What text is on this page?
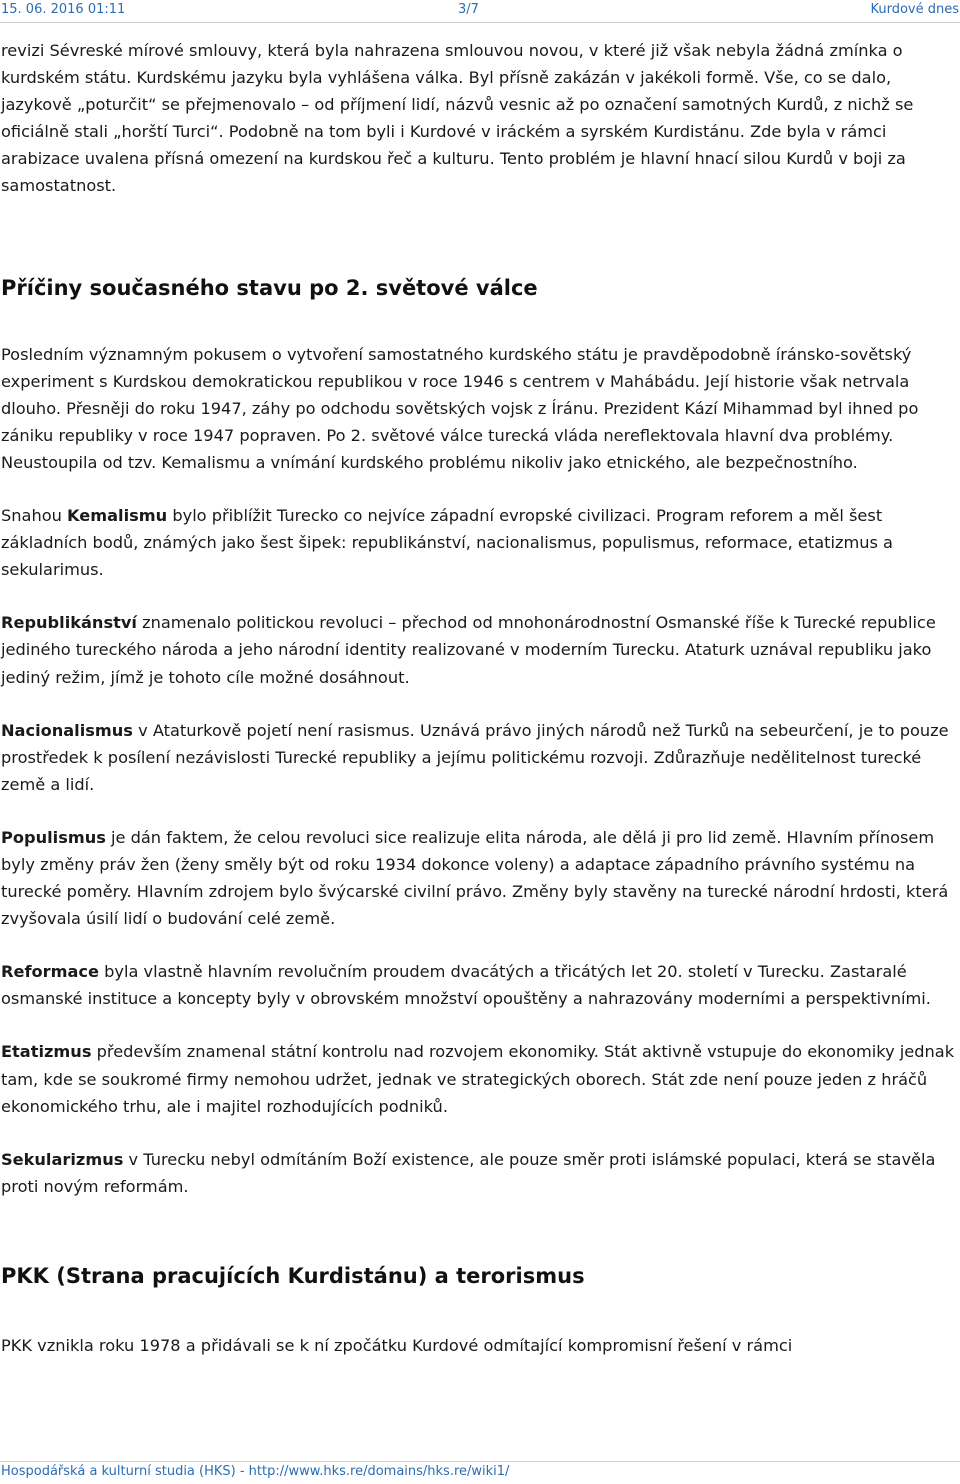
15. 06. 2016 01:11	3/7	Kurdové dnes

revizi Sévreské mírové smlouvy, která byla nahrazena smlouvou novou, v které již však nebyla žádná zmínka o kurdském státu. Kurdskému jazyku byla vyhlášena válka. Byl přísně zakázán v jakékoli formě. Vše, co se dalo, jazykově „poturčit“ se přejmenovalo – od příjmení lidí, názvů vesnic až po označení samotných Kurdů, z nichž se oficiálně stali „horští Turci“. Podobně na tom byli i Kurdové v iráckém a syrském Kurdistánu. Zde byla v rámci arabizace uvalena přísná omezení na kurdskou řeč a kulturu. Tento problém je hlavní hnací silou Kurdů v boji za samostatnost.

Příčiny současného stavu po 2. světové válce

Posledním významným pokusem o vytvoření samostatného kurdského státu je pravděpodobně íránsko-sovětský experiment s Kurdskou demokratickou republikou v roce 1946 s centrem v Mahábádu. Její historie však netrvala dlouho. Přesněji do roku 1947, záhy po odchodu sovětských vojsk z Íránu. Prezident Kází Mihammad byl ihned po zániku republiky v roce 1947 popraven. Po 2. světové válce turecká vláda nereflektovala hlavní dva problémy. Neustoupila od tzv. Kemalismu a vnímání kurdského problému nikoliv jako etnického, ale bezpečnostního.

Snahou Kemalismu bylo přiblížit Turecko co nejvíce západní evropské civilizaci. Program reforem a měl šest základních bodů, známých jako šest šipek: republikánství, nacionalismus, populismus, reformace, etatizmus a sekularimus.

Republikánství znamenalo politickou revoluci – přechod od mnohonárodnostní Osmanské říše k Turecké republice jediného tureckého národa a jeho národní identity realizované v moderním Turecku. Ataturk uznával republiku jako jediný režim, jímž je tohoto cíle možné dosáhnout.

Nacionalismus v Ataturkově pojetí není rasismus. Uznává právo jiných národů než Turků na sebeurčení, je to pouze prostředek k posílení nezávislosti Turecké republiky a jejímu politickému rozvoji. Zdůrazňuje nedělitelnost turecké země a lidí.

Populismus je dán faktem, že celou revoluci sice realizuje elita národa, ale dělá ji pro lid země. Hlavním přínosem byly změny práv žen (ženy směly být od roku 1934 dokonce voleny) a adaptace západního právního systému na turecké poměry. Hlavním zdrojem bylo švýcarské civilní právo. Změny byly stavěny na turecké národní hrdosti, která zvyšovala úsilí lidí o budování celé země.

Reformace byla vlastně hlavním revolučním proudem dvacátých a třicátých let 20. století v Turecku. Zastaralé osmanské instituce a koncepty byly v obrovském množství opouštěny a nahrazovány moderními a perspektivními.

Etatizmus především znamenal státní kontrolu nad rozvojem ekonomiky. Stát aktivně vstupuje do ekonomiky jednak tam, kde se soukromé firmy nemohou udržet, jednak ve strategických oborech. Stát zde není pouze jeden z hráčů ekonomického trhu, ale i majitel rozhodujících podniků.

Sekularizmus v Turecku nebyl odmítáním Boží existence, ale pouze směr proti islámské populaci, která se stavěla proti novým reformám.

PKK (Strana pracujících Kurdistánu) a terorismus

PKK vznikla roku 1978 a přidávali se k ní zpočátku Kurdové odmítající kompromisní řešení v rámci

Hospodářská a kulturní studia (HKS) - http://www.hks.re/domains/hks.re/wiki1/
